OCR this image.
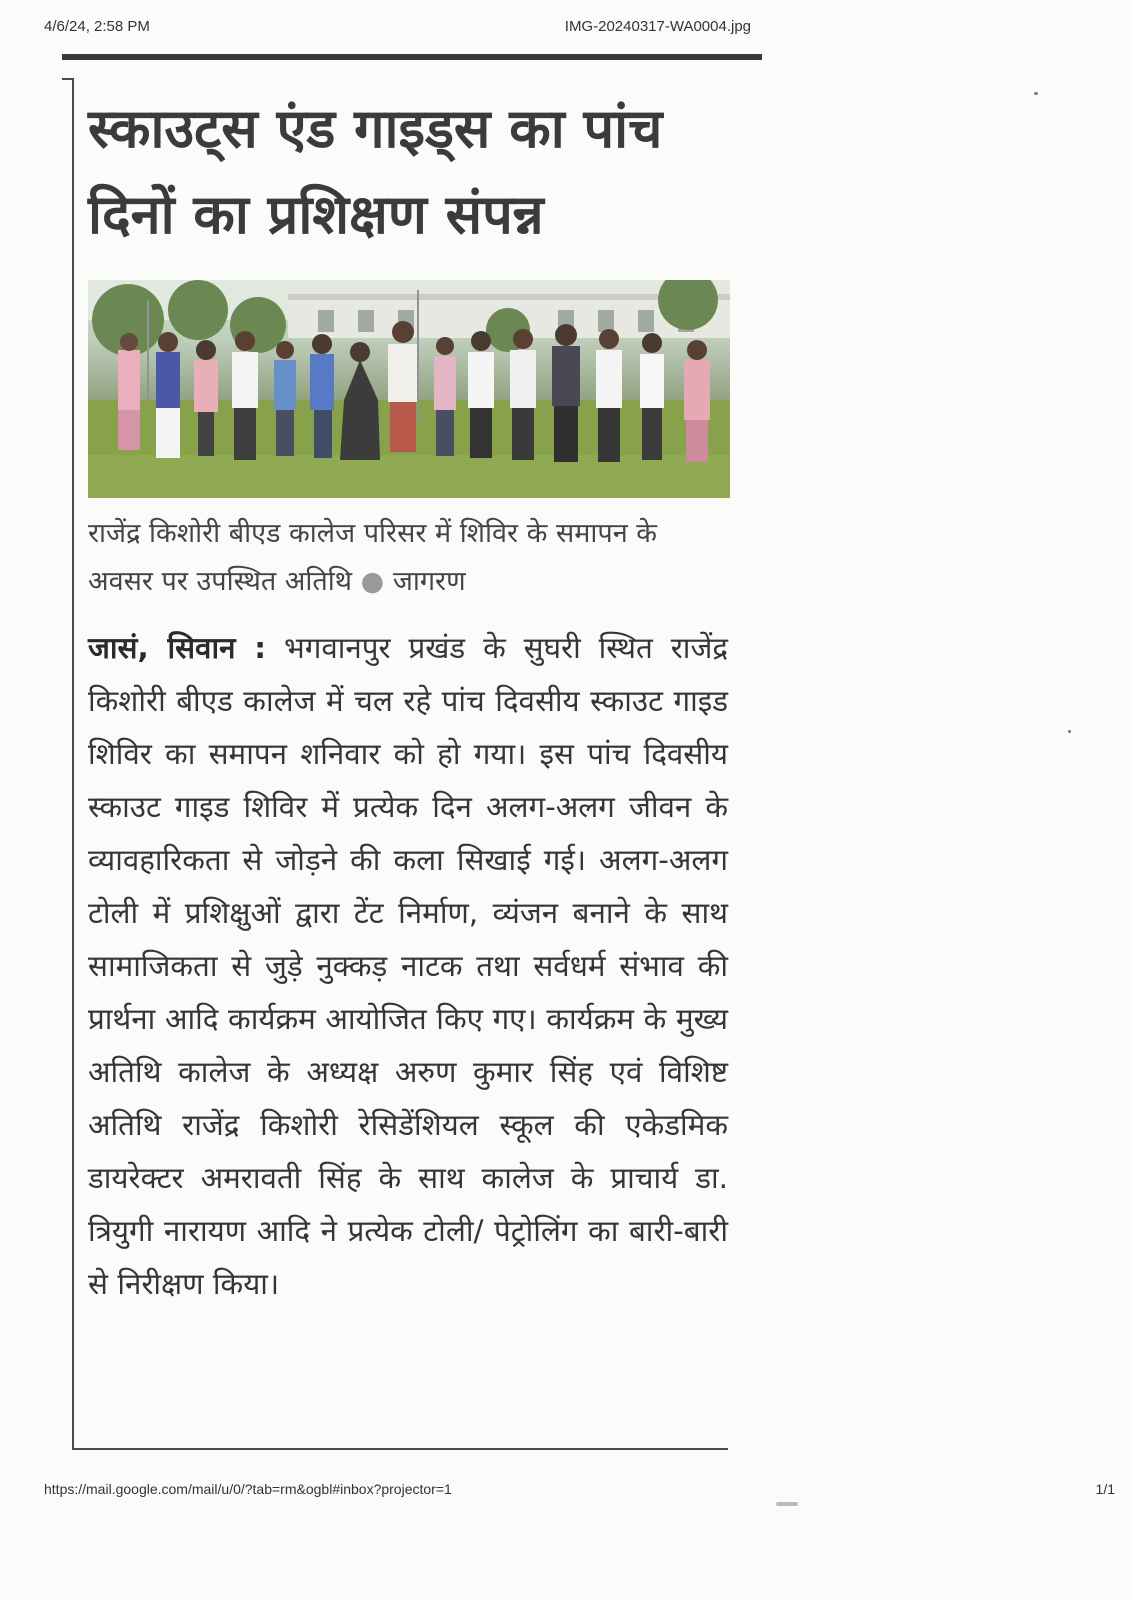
4/6/24, 2:58 PM	IMG-20240317-WA0004.jpg
स्काउट्स एंड गाइड्स का पांच
दिनों का प्रशिक्षण संपन्न

राजेंद्र किशोरी बीएड कालेज परिसर में शिविर के समापन के अवसर पर उपस्थित अतिथि ● जागरण

जासं, सिवान : भगवानपुर प्रखंड के सुघरी स्थित राजेंद्र किशोरी बीएड कालेज में चल रहे पांच दिवसीय स्काउट गाइड शिविर का समापन शनिवार को हो गया। इस पांच दिवसीय स्काउट गाइड शिविर में प्रत्येक दिन अलग-अलग जीवन के व्यावहारिकता से जोड़ने की कला सिखाई गई। अलग-अलग टोली में प्रशिक्षुओं द्वारा टेंट निर्माण, व्यंजन बनाने के साथ सामाजिकता से जुड़े नुक्कड़ नाटक तथा सर्वधर्म संभाव की प्रार्थना आदि कार्यक्रम आयोजित किए गए। कार्यक्रम के मुख्य अतिथि कालेज के अध्यक्ष अरुण कुमार सिंह एवं विशिष्ट अतिथि राजेंद्र किशोरी रेसिडेंशियल स्कूल की एकेडमिक डायरेक्टर अमरावती सिंह के साथ कालेज के प्राचार्य डा. त्रियुगी नारायण आदि ने प्रत्येक टोली/ पेट्रोलिंग का बारी-बारी से निरीक्षण किया।

https://mail.google.com/mail/u/0/?tab=rm&ogbl#inbox?projector=1	1/1
